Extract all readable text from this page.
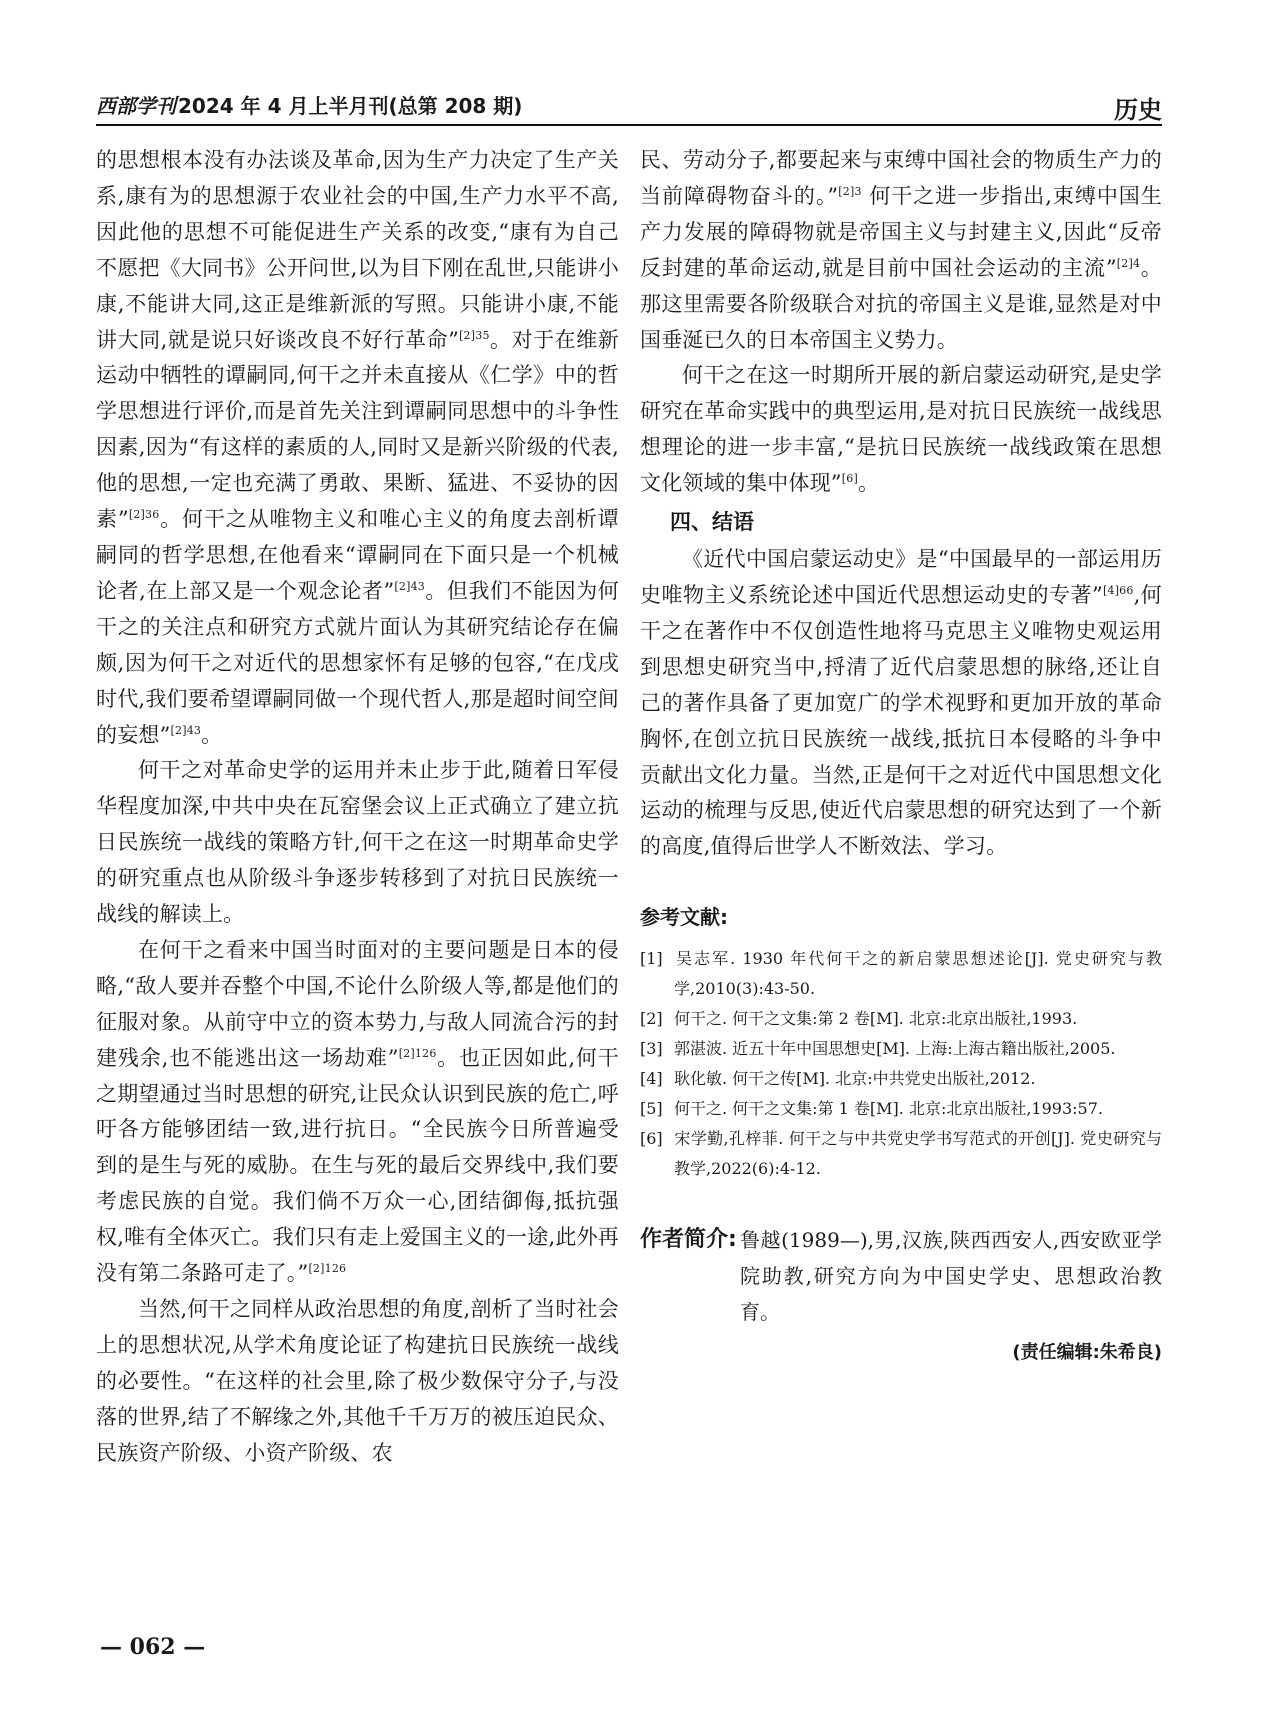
西部学刊 2024 年 4 月上半月刊(总第 208 期)	历史

的思想根本没有办法谈及革命,因为生产力决定了生产关系,康有为的思想源于农业社会的中国,生产力水平不高,因此他的思想不可能促进生产关系的改变,“康有为自己不愿把《大同书》公开问世,以为目下刚在乱世,只能讲小康,不能讲大同,这正是维新派的写照。只能讲小康,不能讲大同,就是说只好谈改良不好行革命”$^{[2]35}$。对于在维新运动中牺牲的谭嗣同,何干之并未直接从《仁学》中的哲学思想进行评价,而是首先关注到谭嗣同思想中的斗争性因素,因为“有这样的素质的人,同时又是新兴阶级的代表,他的思想,一定也充满了勇敢、果断、猛进、不妥协的因素”$^{[2]36}$。何干之从唯物主义和唯心主义的角度去剖析谭嗣同的哲学思想,在他看来“谭嗣同在下面只是一个机械论者,在上部又是一个观念论者”$^{[2]43}$。但我们不能因为何干之的关注点和研究方式就片面认为其研究结论存在偏颇,因为何干之对近代的思想家怀有足够的包容,“在戊戌时代,我们要希望谭嗣同做一个现代哲人,那是超时间空间的妄想”$^{[2]43}$。

何干之对革命史学的运用并未止步于此,随着日军侵华程度加深,中共中央在瓦窑堡会议上正式确立了建立抗日民族统一战线的策略方针,何干之在这一时期革命史学的研究重点也从阶级斗争逐步转移到了对抗日民族统一战线的解读上。

在何干之看来中国当时面对的主要问题是日本的侵略,“敌人要并吞整个中国,不论什么阶级人等,都是他们的征服对象。从前守中立的资本势力,与敌人同流合污的封建残余,也不能逃出这一场劫难”$^{[2]126}$。也正因如此,何干之期望通过当时思想的研究,让民众认识到民族的危亡,呼吁各方能够团结一致,进行抗日。“全民族今日所普遍受到的是生与死的威胁。在生与死的最后交界线中,我们要考虑民族的自觉。我们倘不万众一心,团结御侮,抵抗强权,唯有全体灭亡。我们只有走上爱国主义的一途,此外再没有第二条路可走了。”$^{[2]126}$

当然,何干之同样从政治思想的角度,剖析了当时社会上的思想状况,从学术角度论证了构建抗日民族统一战线的必要性。“在这样的社会里,除了极少数保守分子,与没落的世界,结了不解缘之外,其他千千万万的被压迫民众、民族资产阶级、小资产阶级、农

民、劳动分子,都要起来与束缚中国社会的物质生产力的当前障碍物奋斗的。”$^{[2]3}$ 何干之进一步指出,束缚中国生产力发展的障碍物就是帝国主义与封建主义,因此“反帝反封建的革命运动,就是目前中国社会运动的主流”$^{[2]4}$。那这里需要各阶级联合对抗的帝国主义是谁,显然是对中国垂涎已久的日本帝国主义势力。

何干之在这一时期所开展的新启蒙运动研究,是史学研究在革命实践中的典型运用,是对抗日民族统一战线思想理论的进一步丰富,“是抗日民族统一战线政策在思想文化领域的集中体现”[6]。

四、结语

《近代中国启蒙运动史》是“中国最早的一部运用历史唯物主义系统论述中国近代思想运动史的专著”$^{[4]66}$,何干之在著作中不仅创造性地将马克思主义唯物史观运用到思想史研究当中,捋清了近代启蒙思想的脉络,还让自己的著作具备了更加宽广的学术视野和更加开放的革命胸怀,在创立抗日民族统一战线,抵抗日本侵略的斗争中贡献出文化力量。当然,正是何干之对近代中国思想文化运动的梳理与反思,使近代启蒙思想的研究达到了一个新的高度,值得后世学人不断效法、学习。

参考文献:
[1] 吴志军. 1930 年代何干之的新启蒙思想述论[J]. 党史研究与教学,2010(3):43-50.
[2] 何干之. 何干之文集:第 2 卷[M]. 北京:北京出版社,1993.
[3] 郭湛波. 近五十年中国思想史[M]. 上海:上海古籍出版社,2005.
[4] 耿化敏. 何干之传[M]. 北京:中共党史出版社,2012.
[5] 何干之. 何干之文集:第 1 卷[M]. 北京:北京出版社,1993:57.
[6] 宋学勤,孔梓菲. 何干之与中共党史学书写范式的开创[J]. 党史研究与教学,2022(6):4-12.
作者简介: 鲁越(1989—),男,汉族,陕西西安人,西安欧亚学院助教,研究方向为中国史学史、思想政治教育。
(责任编辑:朱希良)
— 062 —
